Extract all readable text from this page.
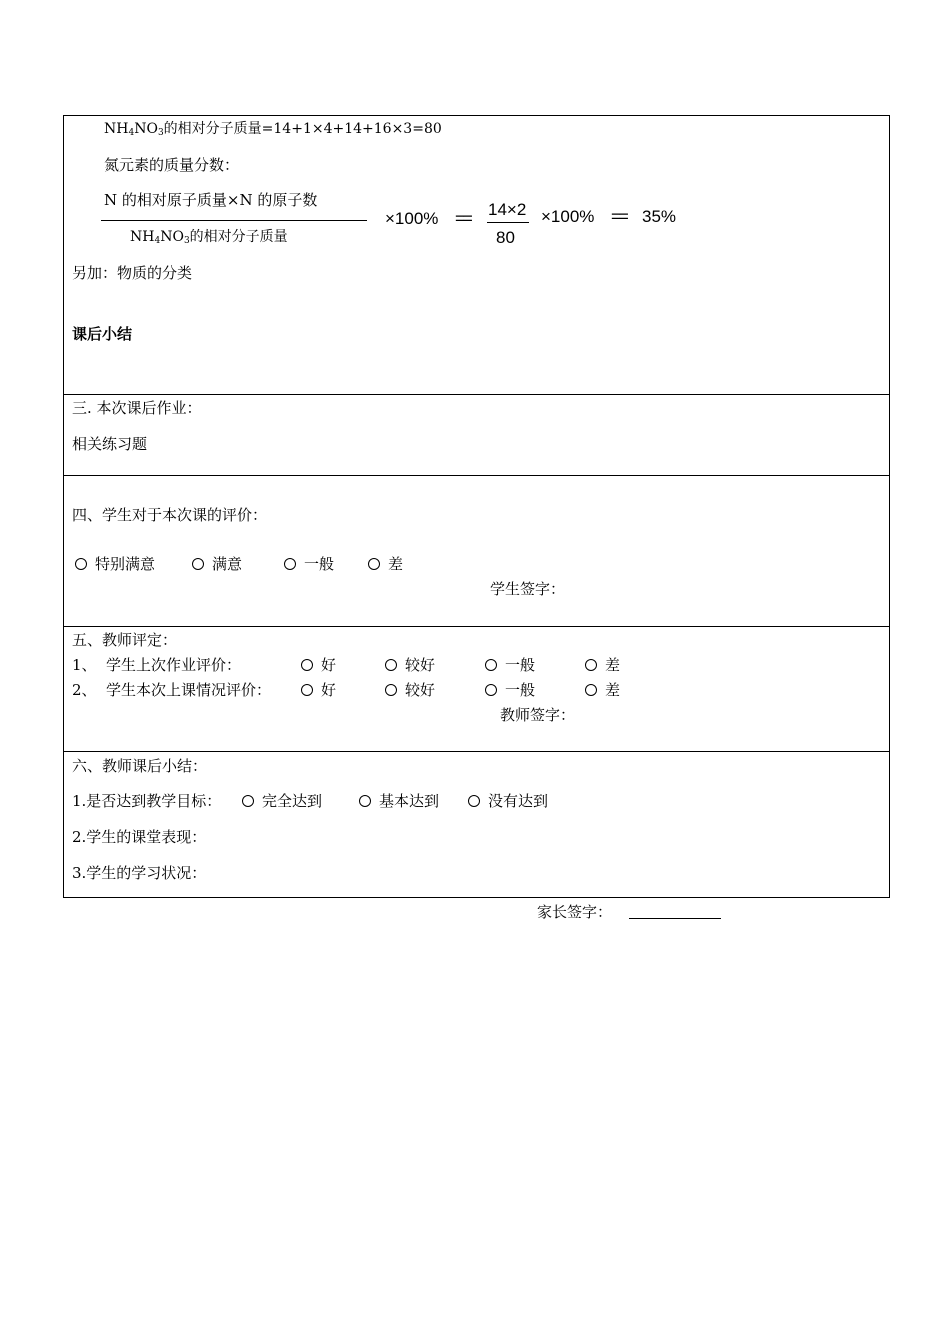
$NH_4NO_3$的相对分子质量=14+1×4+14+16×3=80
氮元素的质量分数：
N 的相对原子质量×N 的原子数
$NH_4NO_3$的相对分子质量
×100% == 14×2
80
×100% == 35%
另加：物质的分类
课后小结
三. 本次课后作业：
相关练习题
四、学生对于本次课的评价：
特别满意	满意	一般	差
学生签字：
五、教师评定：
1、 学生上次作业评价：	好	较好	一般	差
2、 学生本次上课情况评价：	好	较好	一般	差
教师签字：
六、教师课后小结：
1.是否达到教学目标：	完全达到	基本达到	没有达到
2.学生的课堂表现：
3.学生的学习状况：
家长签字：
